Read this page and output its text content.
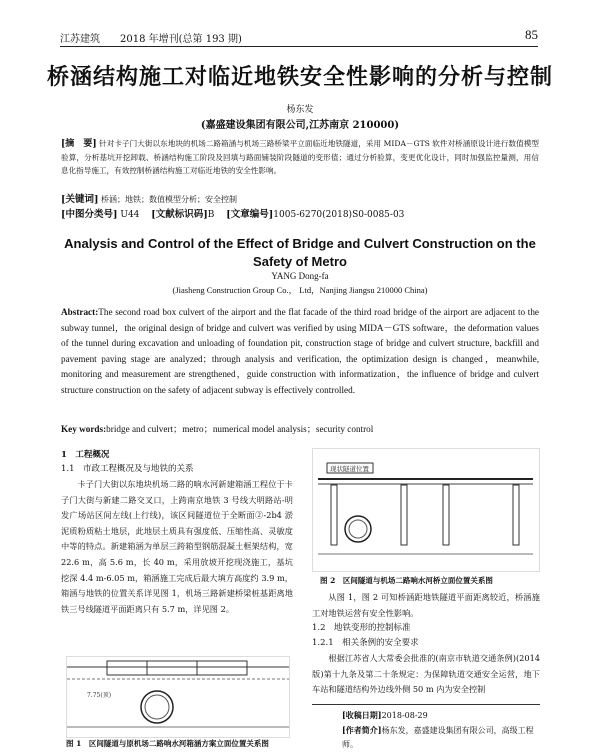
江苏建筑　　 2018 年增刊(总第 193 期)	85
桥涵结构施工对临近地铁安全性影响的分析与控制
杨东发
(嘉盛建设集团有限公司,江苏南京 210000)
[摘　要] 针对卡子门大街以东地块的机场二路箱涵与机场三路桥梁平立面临近地铁隧道，采用 MIDA－GTS 软件对桥涵原设计进行数值模型验算，分析基坑开挖卸载、桥涵结构施工阶段及回填与路面铺装阶段隧道的变形值；通过分析验算，变更优化设计，同时加强监控量测，用信息化指导施工，有效控制桥涵结构施工对临近地铁的安全性影响。
[关键词] 桥涵；地铁；数值模型分析；安全控制
[中图分类号] U44 　 [文献标识码]B 　 [文章编号]1005-6270(2018)S0-0085-03
Analysis and Control of the Effect of Bridge and Culvert Construction on the Safety of Metro
YANG Dong-fa
(Jiasheng Construction Group Co.， Ltd，Nanjing Jiangsu 210000 China)
Abstract:The second road box culvert of the airport and the flat facade of the third road bridge of the airport are adjacent to the subway tunnel，the original design of bridge and culvert was verified by using MIDA－GTS software，the deformation values of the tunnel during excavation and unloading of foundation pit, construction stage of bridge and culvert structure, backfill and pavement paving stage are analyzed；through analysis and verification, the optimization design is changed，meanwhile, monitoring and measurement are strengthened，guide construction with informatization，the influence of bridge and culvert structure construction on the safety of adjacent subway is effectively controlled.
Key words:bridge and culvert；metro；numerical model analysis；security control
1　工程概况
1.1　市政工程概况及与地铁的关系
卡子门大街以东地块机场二路的响水河新建箱涵工程位于卡子门大街与新建二路交叉口，上跨南京地铁 3 号线大明路站-明发广场站区间左线(上行线)，该区间隧道位于全断面②-2b4 淤泥质粉质粘土地层，此地层土质具有强度低、压缩性高、灵敏度中等的特点。新建箱涵为单层三跨箱型钢筋混凝土框架结构，宽 22.6 m，高 5.6 m，长 40 m，采用放坡开挖现浇施工，基坑挖深 4.4 m-6.05 m，箱涵施工完成后最大填方高度约 3.9 m，箱涵与地铁的位置关系详见图 1，机场三路新建桥梁桩基距离地铁三号线隧道平面距离只有 5.7 m，详见图 2。
7.75(顶)
图 1　区间隧道与原机场二路响水河箱涵方案立面位置关系图
现状隧道位置
图 2　区间隧道与机场二路响水河桥立面位置关系图
从图 1，图 2 可知桥涵距地铁隧道平面距离较近，桥涵施工对地铁运营有安全性影响。
1.2　地铁变形的控制标准
1.2.1　相关条例的安全要求
根据江苏省人大常委会批准的(南京市轨道交通条例)(2014 版)第十九条及第二十条规定：为保障轨道交通安全运营，地下车站和隧道结构外边线外侧 50 m 内为安全控制
[收稿日期]2018-08-29
[作者简介]杨东发，嘉盛建设集团有限公司，高级工程师。
